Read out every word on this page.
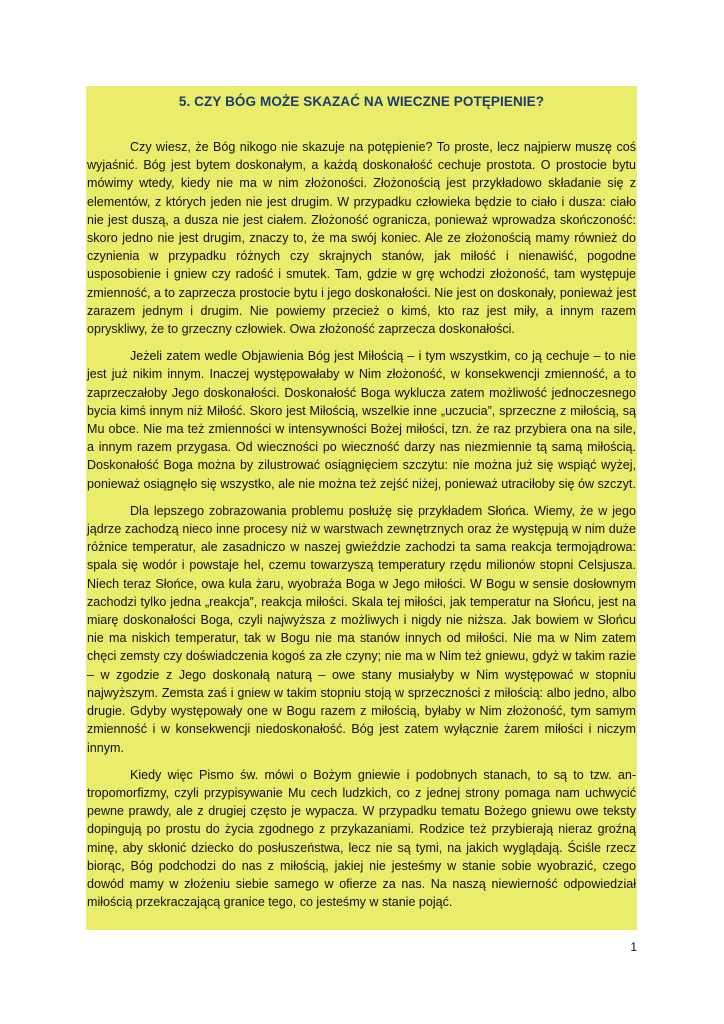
5. CZY BÓG MOŻE SKAZAĆ NA WIECZNE POTĘPIENIE?

Czy wiesz, że Bóg nikogo nie skazuje na potępienie? To proste, lecz najpierw muszę coś wyjaśnić. Bóg jest bytem doskonałym, a każdą doskonałość cechuje prostota. O prostocie bytu mówimy wtedy, kiedy nie ma w nim złożoności. Złożonością jest przykładowo składanie się z elementów, z których jeden nie jest drugim. W przypadku człowieka będzie to ciało i dusza: ciało nie jest duszą, a dusza nie jest ciałem. Złożoność ogranicza, ponieważ wprowadza skończoność: skoro jedno nie jest drugim, znaczy to, że ma swój koniec. Ale ze złożonością mamy również do czynienia w przypadku różnych czy skrajnych stanów, jak miłość i nienawiść, pogodne usposobienie i gniew czy radość i smutek. Tam, gdzie w grę wchodzi złożoność, tam występuje zmienność, a to zaprzecza prostocie bytu i jego doskonałości. Nie jest on doskonały, ponieważ jest zarazem jednym i drugim. Nie powiemy przecież o kimś, kto raz jest miły, a innym razem opryskliwy, że to grzeczny człowiek. Owa złożoność zaprzecza doskonałości.

Jeżeli zatem wedle Objawienia Bóg jest Miłością – i tym wszystkim, co ją cechuje – to nie jest już nikim innym. Inaczej występowałaby w Nim złożoność, w konsekwencji zmienność, a to zaprzeczałoby Jego doskonałości. Doskonałość Boga wyklucza zatem możliwość jednoczesnego bycia kimś innym niż Miłość. Skoro jest Miłością, wszelkie inne „uczucia”, sprzeczne z miłością, są Mu obce. Nie ma też zmienności w intensywności Bożej miłości, tzn. że raz przybiera ona na sile, a innym razem przygasa. Od wieczności po wieczność darzy nas niezmiennie tą samą miłością. Doskonałość Boga można by zilustrować osiągnięciem szczytu: nie można już się wspiąć wyżej, ponieważ osiągnęło się wszystko, ale nie można też zejść niżej, ponieważ utraciłoby się ów szczyt.

Dla lepszego zobrazowania problemu posłużę się przykładem Słońca. Wiemy, że w jego jądrze zachodzą nieco inne procesy niż w warstwach zewnętrznych oraz że występują w nim duże różnice temperatur, ale zasadniczo w naszej gwieździe zachodzi ta sama reakcja termojądrowa: spala się wodór i powstaje hel, czemu towarzyszą temperatury rzędu milionów stopni Celsjusza. Niech teraz Słońce, owa kula żaru, wyobraża Boga w Jego miłości. W Bogu w sensie dosłownym zachodzi tylko jedna „reakcja”, reakcja miłości. Skala tej miłości, jak temperatur na Słońcu, jest na miarę doskonałości Boga, czyli najwyższa z możliwych i nigdy nie niższa. Jak bowiem w Słońcu nie ma niskich temperatur, tak w Bogu nie ma stanów innych od miłości. Nie ma w Nim zatem chęci zemsty czy doświadczenia kogoś za złe czyny; nie ma w Nim też gniewu, gdyż w takim razie – w zgodzie z Jego doskonałą naturą – owe stany musiałyby w Nim występować w stopniu najwyższym. Zemsta zaś i gniew w takim stopniu stoją w sprzeczności z miłością: albo jedno, albo drugie. Gdyby występowały one w Bogu razem z miłością, byłaby w Nim złożoność, tym samym zmienność i w konsekwencji niedoskonałość. Bóg jest zatem wyłącznie żarem miłości i niczym innym.

Kiedy więc Pismo św. mówi o Bożym gniewie i podobnych stanach, to są to tzw. antropomorfizmy, czyli przypisywanie Mu cech ludzkich, co z jednej strony pomaga nam uchwycić pewne prawdy, ale z drugiej często je wypacza. W przypadku tematu Bożego gniewu owe teksty dopingują po prostu do życia zgodnego z przykazaniami. Rodzice też przybierają nieraz groźną minę, aby skłonić dziecko do posłuszeństwa, lecz nie są tymi, na jakich wyglądają. Ściśle rzecz biorąc, Bóg podchodzi do nas z miłością, jakiej nie jesteśmy w stanie sobie wyobrazić, czego dowód mamy w złożeniu siebie samego w ofierze za nas. Na naszą niewierność odpowiedział miłością przekraczającą granice tego, co jesteśmy w stanie pojąć.

1
